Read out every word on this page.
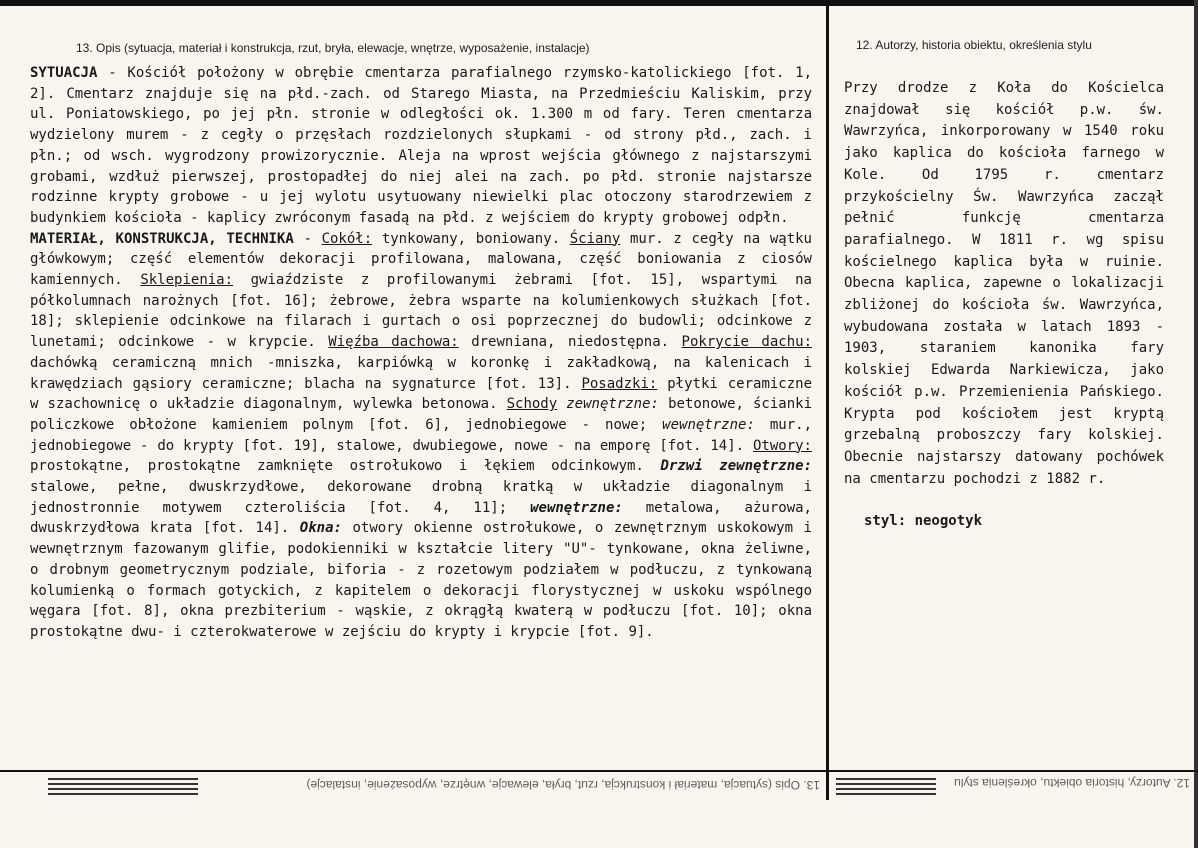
13. Opis (sytuacja, materiał i konstrukcja, rzut, bryła, elewacje, wnętrze, wyposażenie, instalacje)	12. Autorzy, historia obiektu, określenia stylu
SYTUACJA - Kościół położony w obrębie cmentarza parafialnego rzymsko-katolickiego [fot. 1, 2]. Cmentarz znajduje się na płd.-zach. od Starego Miasta, na Przedmieściu Kaliskim, przy ul. Poniatowskiego, po jej płn. stronie w odległości ok. 1.300 m od fary. Teren cmentarza wydzielony murem - z cegły o przęsłach rozdzielonych słupkami - od strony płd., zach. i płn.; od wsch. wygrodzony prowizorycznie. Aleja na wprost wejścia głównego z najstarszymi grobami, wzdłuż pierwszej, prostopadłej do niej alei na zach. po płd. stronie najstarsze rodzinne krypty grobowe - u jej wylotu usytuowany niewielki plac otoczony starodrzewiem z budynkiem kościoła - kaplicy zwróconym fasadą na płd. z wejściem do krypty grobowej odpłn.
MATERIAŁ, KONSTRUKCJA, TECHNIKA - Cokół: tynkowany, boniowany. Ściany mur. z cegły na wątku główkowym; część elementów dekoracji profilowana, malowana, część boniowania z ciosów kamiennych. Sklepienia: gwiaździste z profilowanymi żebrami [fot. 15], wspartymi na półkolumnach narożnych [fot. 16]; żebrowe, żebra wsparte na kolumienkowych służkach [fot. 18]; sklepienie odcinkowe na filarach i gurtach o osi poprzecznej do budowli; odcinkowe z lunetami; odcinkowe - w krypcie. Więźba dachowa: drewniana, niedostępna. Pokrycie dachu: dachówką ceramiczną mnich -mniszka, karpiówką w koronkę i zakładkową, na kalenicach i krawędziach gąsiory ceramiczne; blacha na sygnaturce [fot. 13]. Posadzki: płytki ceramiczne w szachownicę o układzie diagonalnym, wylewka betonowa. Schody zewnętrzne: betonowe, ścianki policzkowe obłożone kamieniem polnym [fot. 6], jednobiegowe - nowe; wewnętrzne: mur., jednobiegowe - do krypty [fot. 19], stalowe, dwubiegowe, nowe - na emporę [fot. 14]. Otwory: prostokątne, prostokątne zamknięte ostrołukowo i łękiem odcinkowym. Drzwi zewnętrzne: stalowe, pełne, dwuskrzydłowe, dekorowane drobną kratką w układzie diagonalnym i jednostronnie motywem czteroliścia [fot. 4, 11]; wewnętrzne: metalowa, ażurowa, dwuskrzydłowa krata [fot. 14]. Okna: otwory okienne ostrołukowe, o zewnętrznym uskokowym i wewnętrznym fazowanym glifie, podokienniki w kształcie litery "U"- tynkowane, okna żeliwne, o drobnym geometrycznym podziale, biforia - z rozetowym podziałem w podłuczu, z tynkowaną kolumienką o formach gotyckich, z kapitelem o dekoracji florystycznej w uskoku wspólnego węgara [fot. 8], okna prezbiterium - wąskie, z okrągłą kwaterą w podłuczu [fot. 10]; okna prostokątne dwu- i czterokwaterowe w zejściu do krypty i krypcie [fot. 9].
Przy drodze z Koła do Kościelca znajdował się kościół p.w. św. Wawrzyńca, inkorporowany w 1540 roku jako kaplica do kościoła farnego w Kole. Od 1795 r. cmentarz przykościelny Św. Wawrzyńca zaczął pełnić funkcję cmentarza parafialnego. W 1811 r. wg spisu kościelnego kaplica była w ruinie. Obecna kaplica, zapewne o lokalizacji zbliżonej do kościoła św. Wawrzyńca, wybudowana została w latach 1893 - 1903, staraniem kanonika fary kolskiej Edwarda Narkiewicza, jako kościół p.w. Przemienienia Pańskiego. Krypta pod kościołem jest kryptą grzebalną proboszczy fary kolskiej. Obecnie najstarszy datowany pochówek na cmentarzu pochodzi z 1882 r.
styl: neogotyk
13. Opis (sytuacja, materiał i konstrukcja, rzut, bryła, elewacje, wnętrze, wyposażenie, instalacje)	12. Autorzy, historia obiektu, określenia stylu
